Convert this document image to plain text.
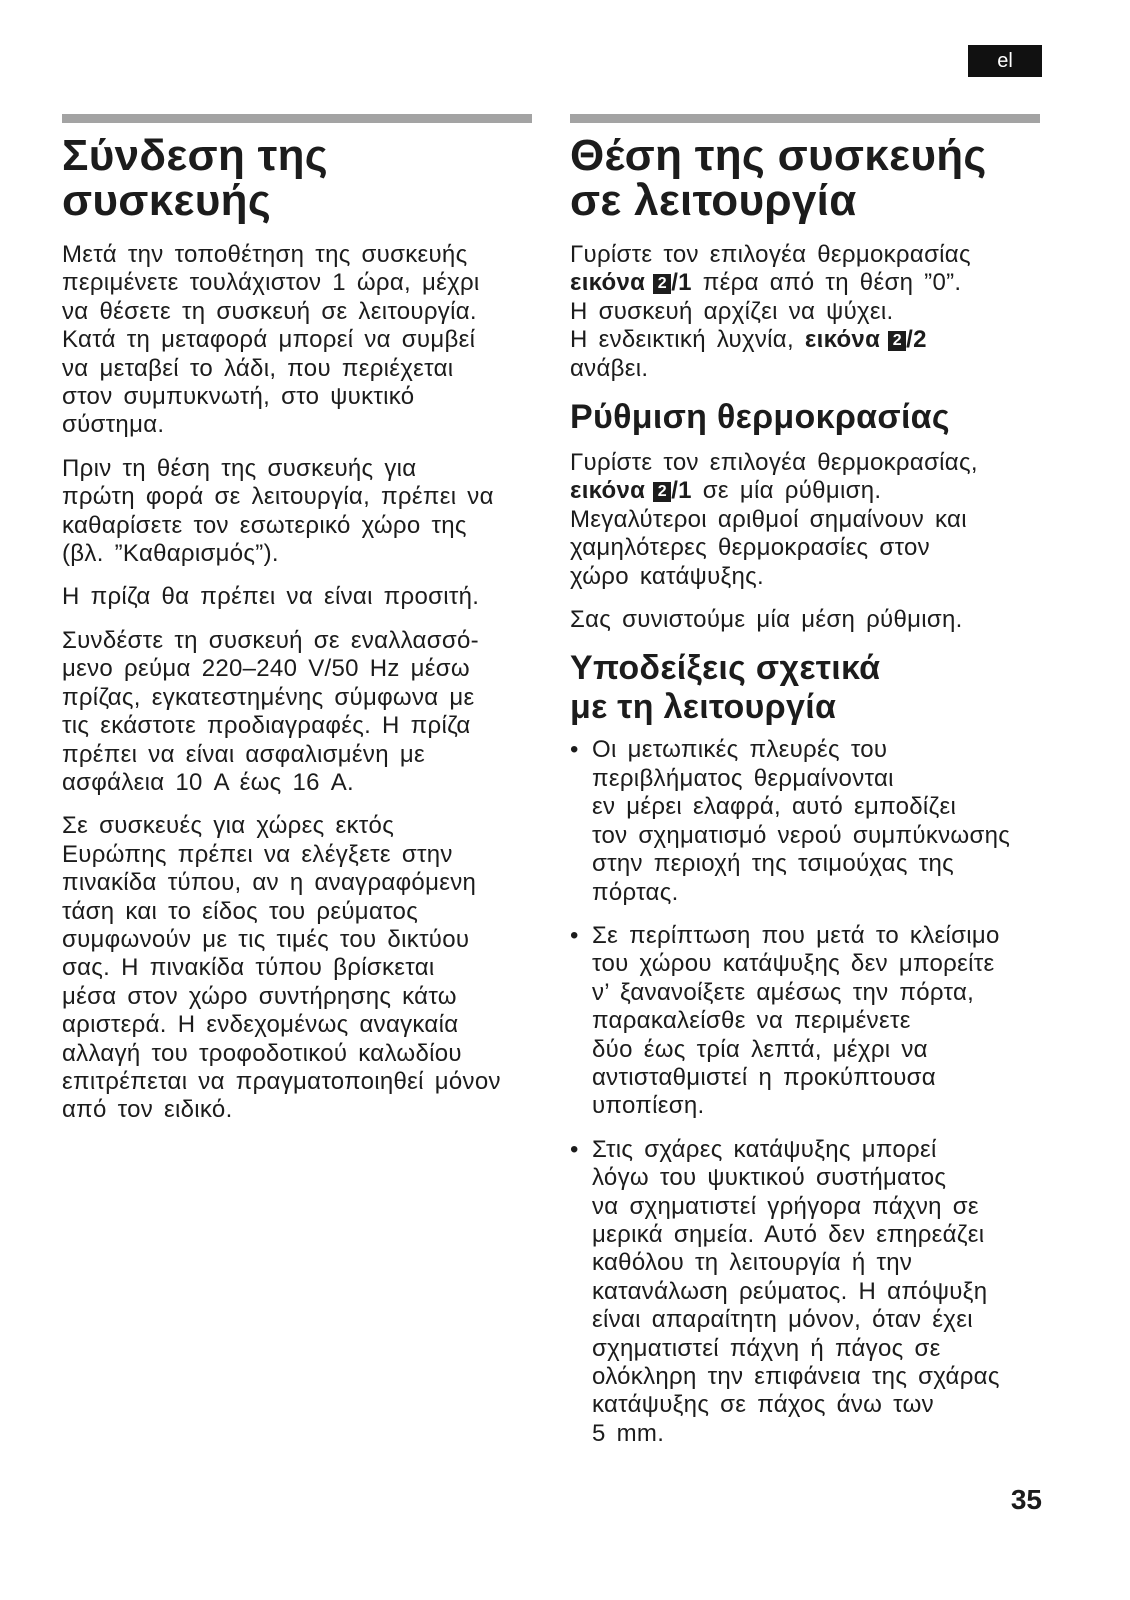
el
Σύνδεση της
συσκευής

Μετά την τοποθέτηση της συσκευής
περιμένετε τουλάχιστον 1 ώρα, μέχρι
να θέσετε τη συσκευή σε λειτουργία.
Κατά τη μεταφορά μπορεί να συμβεί
να μεταβεί το λάδι, που περιέχεται
στον συμπυκνωτή, στο ψυκτικό
σύστημα.

Πριν τη θέση της συσκευής για
πρώτη φορά σε λειτουργία, πρέπει να
καθαρίσετε τον εσωτερικό χώρο της
(βλ. ”Καθαρισμός”).

Η πρίζα θα πρέπει να είναι προσιτή.

Συνδέστε τη συσκευή σε εναλλασσό-
μενο ρεύμα 220–240 V/50 Hz μέσω
πρίζας, εγκατεστημένης σύμφωνα με
τις εκάστοτε προδιαγραφές. Η πρίζα
πρέπει να είναι ασφαλισμένη με
ασφάλεια 10 A έως 16 A.

Σε συσκευές για χώρες εκτός
Ευρώπης πρέπει να ελέγξετε στην
πινακίδα τύπου, αν η αναγραφόμενη
τάση και το είδος του ρεύματος
συμφωνούν με τις τιμές του δικτύου
σας. Η πινακίδα τύπου βρίσκεται
μέσα στον χώρο συντήρησης κάτω
αριστερά. Η ενδεχομένως αναγκαία
αλλαγή του τροφοδοτικού καλωδίου
επιτρέπεται να πραγματοποιηθεί μόνον
από τον ειδικό.

Θέση της συσκευής
σε λειτουργία

Γυρίστε τον επιλογέα θερμοκρασίας
εικόνα 2 /1 πέρα από τη θέση ”0”.
Η συσκευή αρχίζει να ψύχει.
Η ενδεικτική λυχνία, εικόνα 2 /2
ανάβει.

Ρύθμιση θερμοκρασίας

Γυρίστε τον επιλογέα θερμοκρασίας,
εικόνα 2 /1 σε μία ρύθμιση.
Μεγαλύτεροι αριθμοί σημαίνουν και
χαμηλότερες θερμοκρασίες στον
χώρο κατάψυξης.

Σας συνιστούμε μία μέση ρύθμιση.

Υποδείξεις σχετικά
με τη λειτουργία
•
Οι μετωπικές πλευρές του
περιβλήματος θερμαίνονται
εν μέρει ελαφρά, αυτό εμποδίζει
τον σχηματισμό νερού συμπύκνωσης
στην περιοχή της τσιμούχας της
πόρτας.
•
Σε περίπτωση που μετά το κλείσιμο
του χώρου κατάψυξης δεν μπορείτε
ν’ ξανανοίξετε αμέσως την πόρτα,
παρακαλείσθε να περιμένετε
δύο έως τρία λεπτά, μέχρι να
αντισταθμιστεί η προκύπτουσα
υποπίεση.
•
Στις σχάρες κατάψυξης μπορεί
λόγω του ψυκτικού συστήματος
να σχηματιστεί γρήγορα πάχνη σε
μερικά σημεία. Αυτό δεν επηρεάζει
καθόλου τη λειτουργία ή την
κατανάλωση ρεύματος. Η απόψυξη
είναι απαραίτητη μόνον, όταν έχει
σχηματιστεί πάχνη ή πάγος σε
ολόκληρη την επιφάνεια της σχάρας
κατάψυξης σε πάχος άνω των
5 mm.
35
